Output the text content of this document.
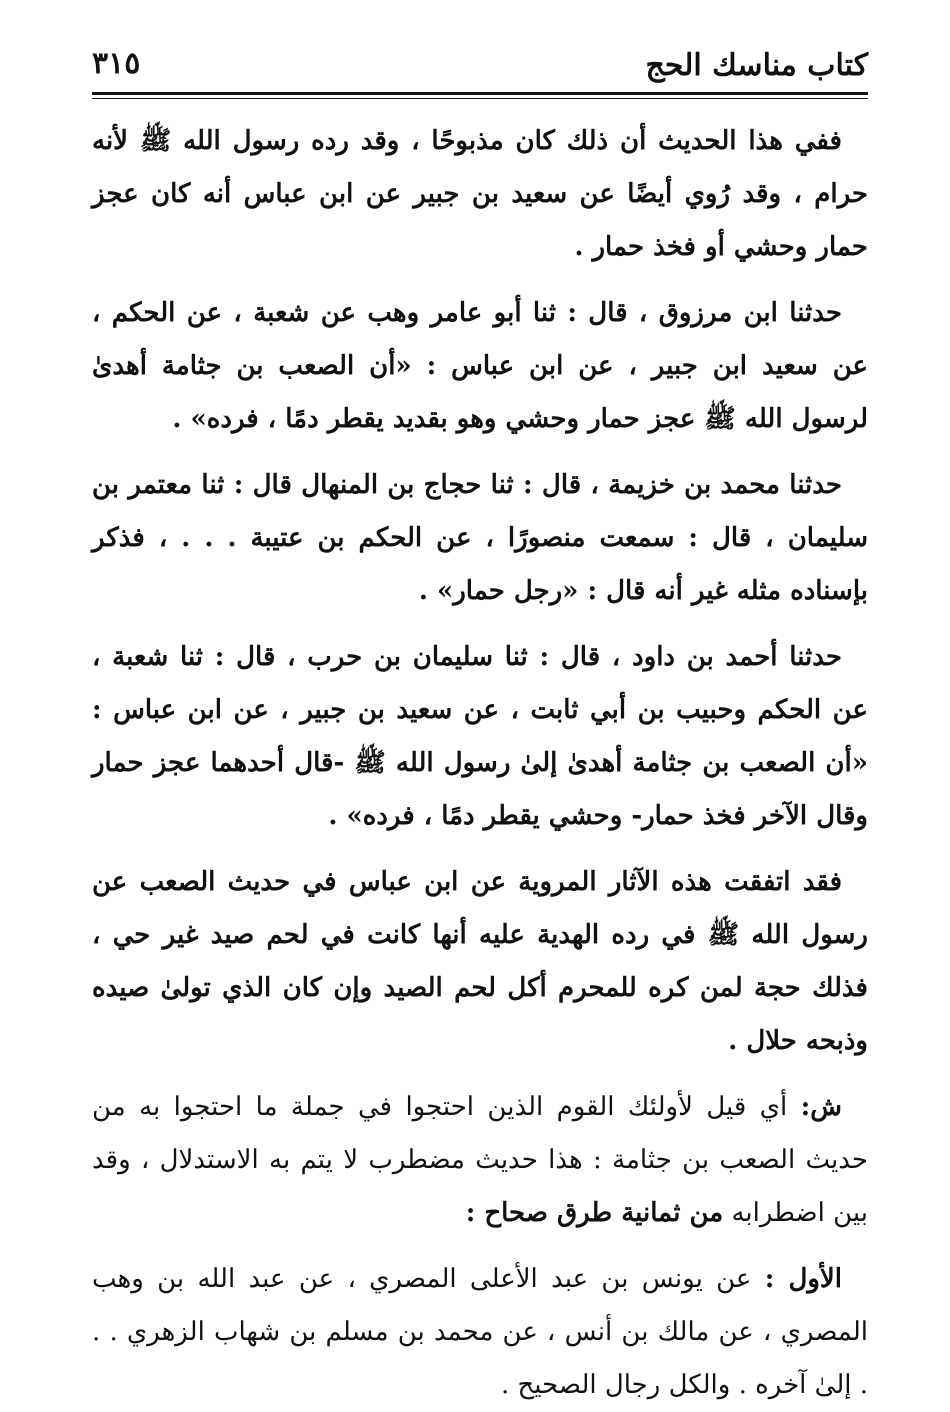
كتاب مناسك الحج
٣١٥

ففي هذا الحديث أن ذلك كان مذبوحًا ، وقد رده رسول الله ﷺ لأنه حرام ، وقد رُوي أيضًا عن سعيد بن جبير عن ابن عباس أنه كان عجز حمار وحشي أو فخذ حمار .

حدثنا ابن مرزوق ، قال : ثنا أبو عامر وهب عن شعبة ، عن الحكم ، عن سعيد ابن جبير ، عن ابن عباس : «أن الصعب بن جثامة أهدىٰ لرسول الله ﷺ عجز حمار وحشي وهو بقديد يقطر دمًا ، فرده» .

حدثنا محمد بن خزيمة ، قال : ثنا حجاج بن المنهال قال : ثنا معتمر بن سليمان ، قال : سمعت منصورًا ، عن الحكم بن عتيبة . . . ، فذكر بإسناده مثله غير أنه قال : «رجل حمار» .

حدثنا أحمد بن داود ، قال : ثنا سليمان بن حرب ، قال : ثنا شعبة ، عن الحكم وحبيب بن أبي ثابت ، عن سعيد بن جبير ، عن ابن عباس : «أن الصعب بن جثامة أهدىٰ إلىٰ رسول الله ﷺ -قال أحدهما عجز حمار وقال الآخر فخذ حمار- وحشي يقطر دمًا ، فرده» .

فقد اتفقت هذه الآثار المروية عن ابن عباس في حديث الصعب عن رسول الله ﷺ في رده الهدية عليه أنها كانت في لحم صيد غير حي ، فذلك حجة لمن كره للمحرم أكل لحم الصيد وإن كان الذي تولىٰ صيده وذبحه حلال .

ش: أي قيل لأولئك القوم الذين احتجوا في جملة ما احتجوا به من حديث الصعب بن جثامة : هذا حديث مضطرب لا يتم به الاستدلال ، وقد بين اضطرابه من ثمانية طرق صحاح :

الأول : عن يونس بن عبد الأعلى المصري ، عن عبد الله بن وهب المصري ، عن مالك بن أنس ، عن محمد بن مسلم بن شهاب الزهري . . . إلىٰ آخره . والكل رجال الصحيح .
